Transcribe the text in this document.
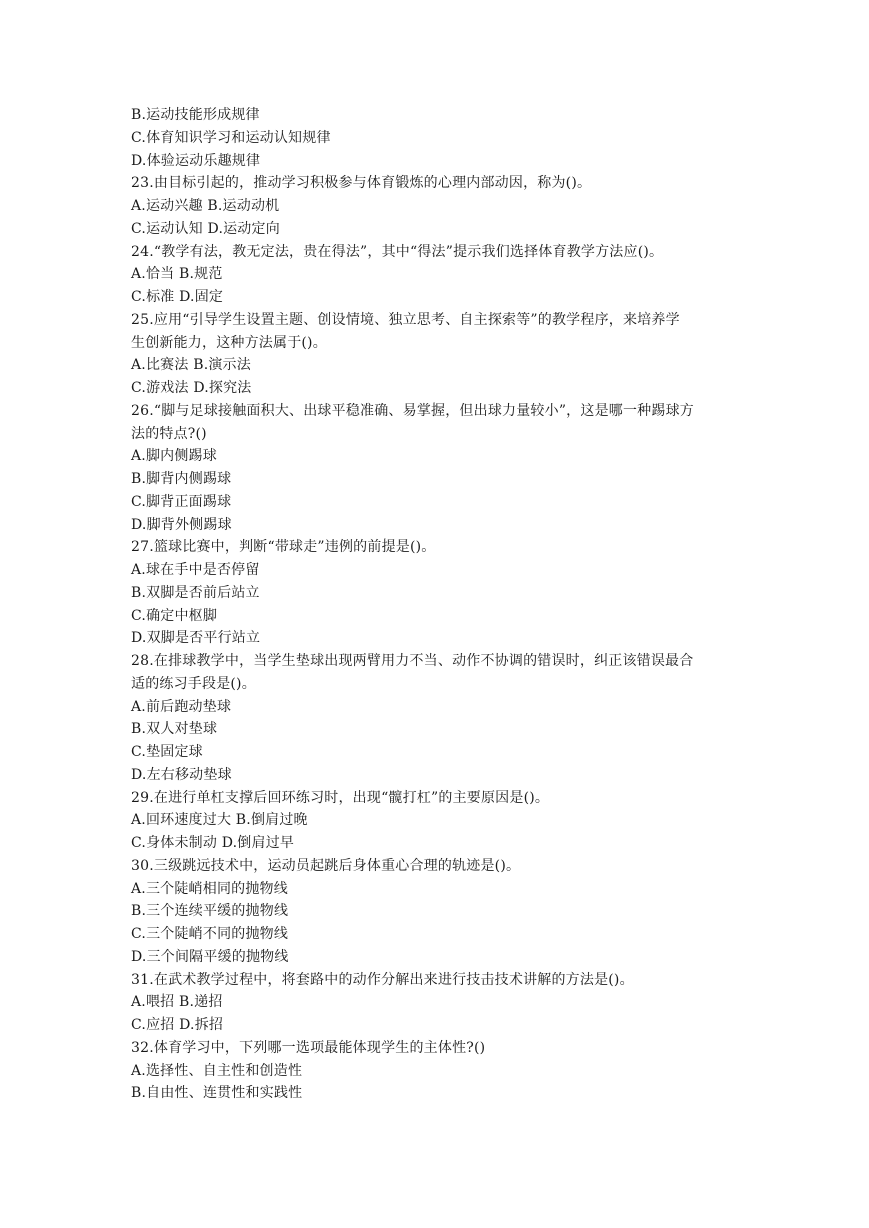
B.运动技能形成规律
C.体育知识学习和运动认知规律
D.体验运动乐趣规律
23.由目标引起的，推动学习积极参与体育锻炼的心理内部动因，称为()。
A.运动兴趣 B.运动动机
C.运动认知 D.运动定向
24.“教学有法，教无定法，贵在得法”，其中“得法”提示我们选择体育教学方法应()。
A.恰当 B.规范
C.标准 D.固定
25.应用“引导学生设置主题、创设情境、独立思考、自主探索等”的教学程序，来培养学
生创新能力，这种方法属于()。
A.比赛法 B.演示法
C.游戏法 D.探究法
26.“脚与足球接触面积大、出球平稳准确、易掌握，但出球力量较小”，这是哪一种踢球方
法的特点?()
A.脚内侧踢球
B.脚背内侧踢球
C.脚背正面踢球
D.脚背外侧踢球
27.篮球比赛中，判断“带球走”违例的前提是()。
A.球在手中是否停留
B.双脚是否前后站立
C.确定中枢脚
D.双脚是否平行站立
28.在排球教学中，当学生垫球出现两臂用力不当、动作不协调的错误时，纠正该错误最合
适的练习手段是()。
A.前后跑动垫球
B.双人对垫球
C.垫固定球
D.左右移动垫球
29.在进行单杠支撑后回环练习时，出现“髋打杠”的主要原因是()。
A.回环速度过大 B.倒肩过晚
C.身体未制动 D.倒肩过早
30.三级跳远技术中，运动员起跳后身体重心合理的轨迹是()。
A.三个陡峭相同的抛物线
B.三个连续平缓的抛物线
C.三个陡峭不同的抛物线
D.三个间隔平缓的抛物线
31.在武术教学过程中，将套路中的动作分解出来进行技击技术讲解的方法是()。
A.喂招 B.递招
C.应招 D.拆招
32.体育学习中，下列哪一选项最能体现学生的主体性?()
A.选择性、自主性和创造性
B.自由性、连贯性和实践性
